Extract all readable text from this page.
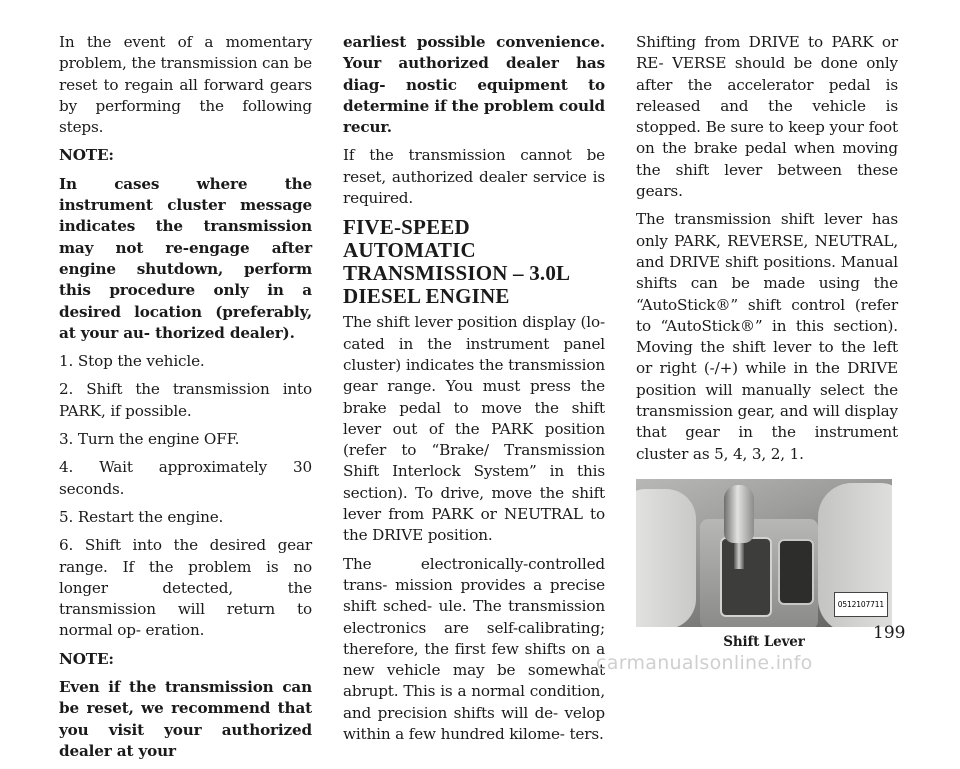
In the event of a momentary problem, the transmission can be reset to regain all forward gears by performing the following steps.

NOTE:

In cases where the instrument cluster message indicates the transmission may not re-engage after engine shutdown, perform this procedure only in a desired location (preferably, at your au- thorized dealer).

1. Stop the vehicle.

2. Shift the transmission into PARK, if possible.

3. Turn the engine OFF.

4. Wait approximately 30 seconds.

5. Restart the engine.

6. Shift into the desired gear range. If the problem is no longer detected, the transmission will return to normal op- eration.

NOTE:

Even if the transmission can be reset, we recommend that you visit your authorized dealer at your

earliest possible convenience. Your authorized dealer has diag- nostic equipment to determine if the problem could recur.

If the transmission cannot be reset, authorized dealer service is required.

FIVE-SPEED AUTOMATIC TRANSMISSION – 3.0L DIESEL ENGINE

The shift lever position display (lo- cated in the instrument panel cluster) indicates the transmission gear range. You must press the brake pedal to move the shift lever out of the PARK position (refer to “Brake/ Transmission Shift Interlock System” in this section). To drive, move the shift lever from PARK or NEUTRAL to the DRIVE position.

The electronically-controlled trans- mission provides a precise shift sched- ule. The transmission electronics are self-calibrating; therefore, the first few shifts on a new vehicle may be somewhat abrupt. This is a normal condition, and precision shifts will de- velop within a few hundred kilome- ters.

Shifting from DRIVE to PARK or RE- VERSE should be done only after the accelerator pedal is released and the vehicle is stopped. Be sure to keep your foot on the brake pedal when moving the shift lever between these gears.

The transmission shift lever has only PARK, REVERSE, NEUTRAL, and DRIVE shift positions. Manual shifts can be made using the “AutoStick®” shift control (refer to “AutoStick®” in this section). Moving the shift lever to the left or right (-/+) while in the DRIVE position will manually select the transmission gear, and will display that gear in the instrument cluster as 5, 4, 3, 2, 1.

0512107711
Shift Lever	199
carmanualsonline.info
